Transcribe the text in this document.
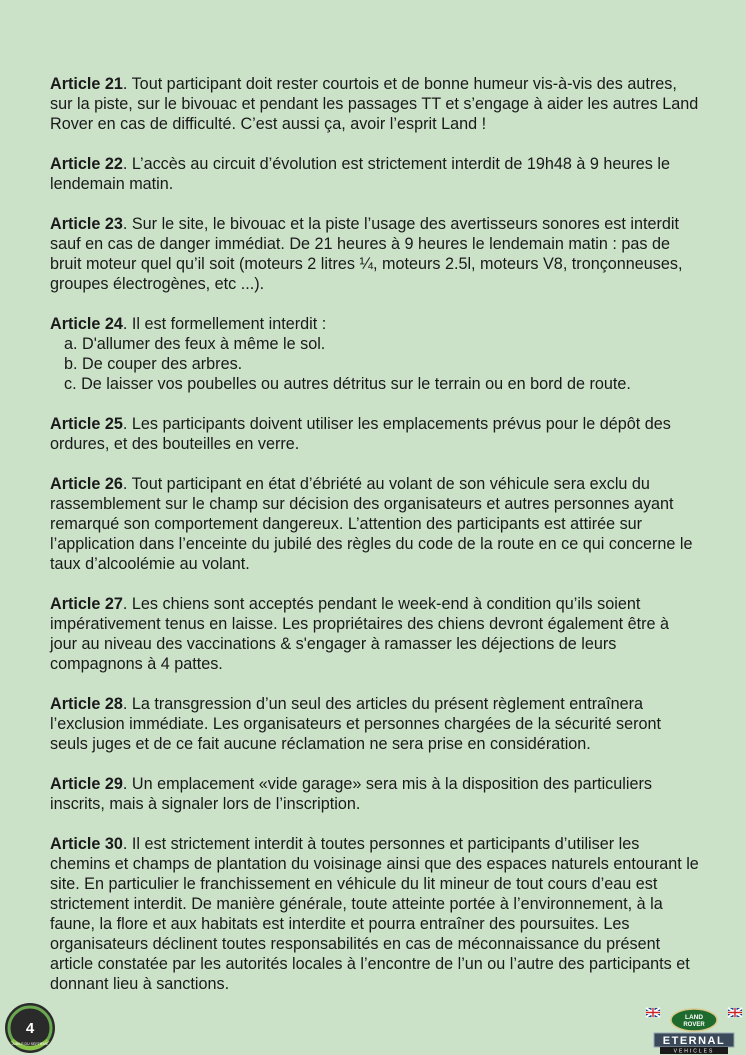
Article 21. Tout participant doit rester courtois et de bonne humeur vis-à-vis des autres, sur la piste, sur le bivouac et pendant les passages TT et s’engage à aider les autres Land Rover en cas de difficulté. C’est aussi ça, avoir l’esprit Land !
Article 22. L’accès au circuit d’évolution est strictement interdit de 19h48 à 9 heures le lendemain matin.
Article 23. Sur le site, le bivouac et la piste l’usage des avertisseurs sonores est interdit sauf en cas de danger immédiat. De 21 heures à 9 heures le lendemain matin : pas de bruit moteur quel qu’il soit (moteurs 2 litres ¼, moteurs 2.5l, moteurs V8, tronçonneuses, groupes électrogènes, etc ...).
Article 24. Il est formellement interdit :
a. D'allumer des feux à même le sol.
b. De couper des arbres.
c. De laisser vos poubelles ou autres détritus sur le terrain ou en bord de route.
Article 25. Les participants doivent utiliser les emplacements prévus pour le dépôt des ordures, et des bouteilles en verre.
Article 26. Tout participant en état d’ébriété au volant de son véhicule sera exclu du rassemblement sur le champ sur décision des organisateurs et autres personnes ayant remarqué son comportement dangereux. L’attention des participants est attirée sur l’application dans l’enceinte du jubilé des règles du code de la route en ce qui concerne le taux d’alcoolémie au volant.
Article 27. Les chiens sont acceptés pendant le week-end à condition qu’ils soient impérativement tenus en laisse. Les propriétaires des chiens devront également être à jour au niveau des vaccinations & s'engager à ramasser les déjections de leurs compagnons à 4 pattes.
Article 28. La transgression d’un seul des articles du présent règlement entraînera l’exclusion immédiate. Les organisateurs et personnes chargées de la sécurité seront seuls juges et de ce fait aucune réclamation ne sera prise en considération.
Article 29. Un emplacement «vide garage» sera mis à la disposition des particuliers inscrits, mais à signaler lors de l’inscription.
Article 30. Il est strictement interdit à toutes personnes et participants d’utiliser les chemins et champs de plantation du voisinage ainsi que des espaces naturels entourant le site. En particulier le franchissement en véhicule du lit mineur de tout cours d’eau est strictement interdit. De manière générale, toute atteinte portée à l’environnement, à la faune, la flore et aux habitats est interdite et pourra entraîner des poursuites. Les organisateurs déclinent toutes responsabilités en cas de méconnaissance du présent article constatée par les autorités locales à l’encontre de l’un ou l’autre des participants et donnant lieu à sanctions.
4
JUBILE DU SEPTIEME
LAND
ROVER
ETERNAL
VEHICLES
